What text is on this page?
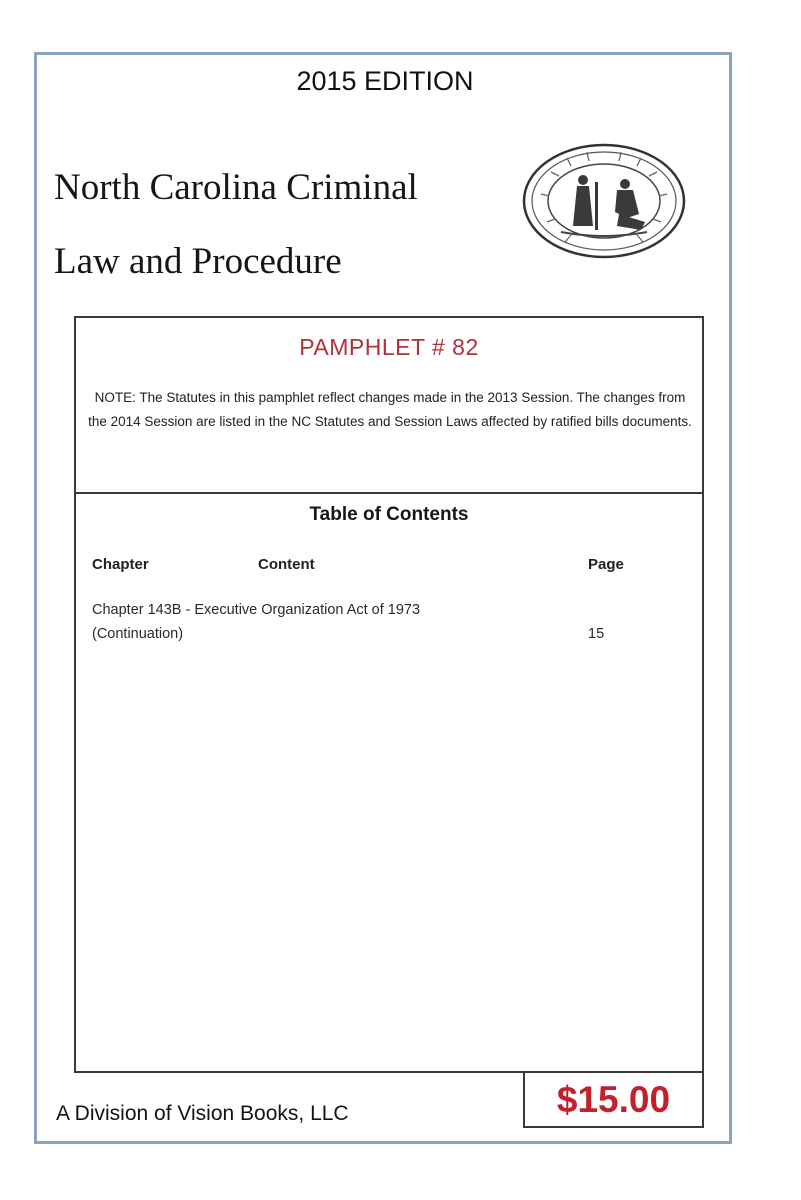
2015 EDITION
North Carolina Criminal
Law and Procedure
PAMPHLET # 82
NOTE: The Statutes in this pamphlet reflect changes made in the 2013 Session. The changes from the 2014 Session are listed in the NC Statutes and Session Laws affected by ratified bills documents.
Table of Contents
Chapter	Content	Page
Chapter 143B - Executive Organization Act of 1973
(Continuation)	15
A Division of Vision Books, LLC	$15.00
